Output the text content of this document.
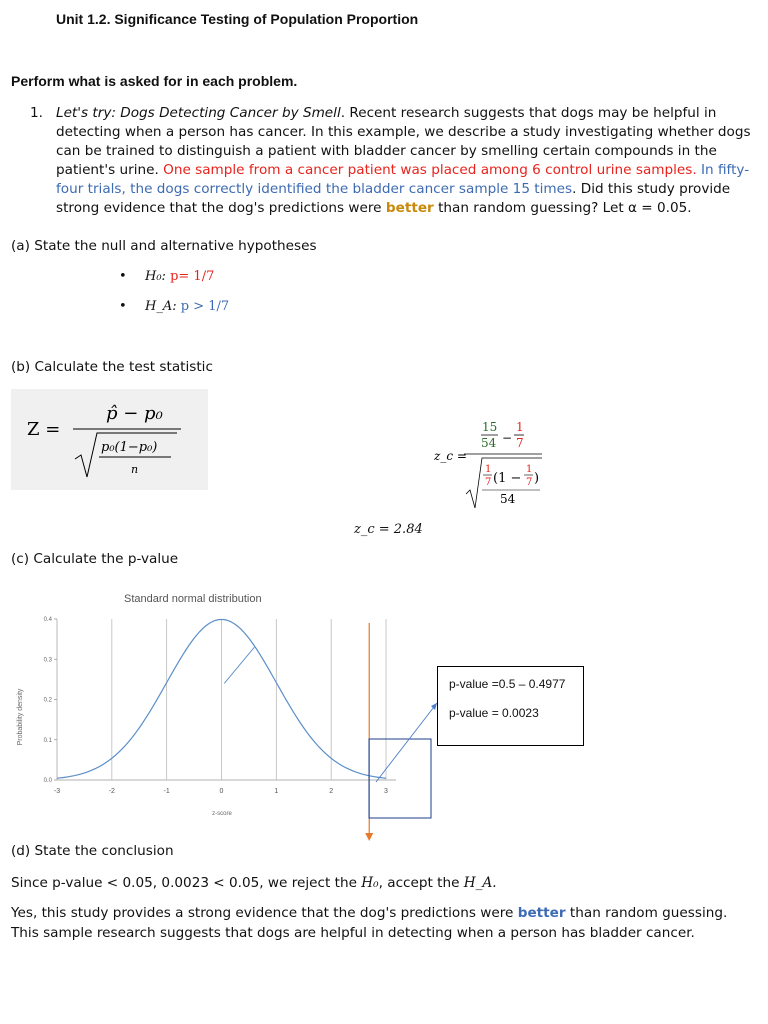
Unit 1.2. Significance Testing of Population Proportion
Perform what is asked for in each problem.
1. Let's try: Dogs Detecting Cancer by Smell. Recent research suggests that dogs may be helpful in detecting when a person has cancer. In this example, we describe a study investigating whether dogs can be trained to distinguish a patient with bladder cancer by smelling certain compounds in the patient's urine. One sample from a cancer patient was placed among 6 control urine samples. In fifty-four trials, the dogs correctly identified the bladder cancer sample 15 times. Did this study provide strong evidence that the dog's predictions were better than random guessing? Let α = 0.05.
(a) State the null and alternative hypotheses
• H₀: p= 1/7
• H_A: p > 1/7
(b) Calculate the test statistic
Z =
p̂ − p₀
p₀(1−p₀)
n
z_c =
15
54 −
1
7
1
7 (1 −
1
7 )
54
z_c = 2.84
(c) Calculate the p-value
Standard normal distribution
Probability density
z-score
-3	-2	-1	0	1	2	3
0.0
0.1
0.2
0.3
0.4
p-value =0.5 – 0.4977
p-value = 0.0023
(d) State the conclusion
Since p-value < 0.05, 0.0023 < 0.05, we reject the H₀, accept the H_A.
Yes, this study provides a strong evidence that the dog's predictions were better than random guessing. This sample research suggests that dogs are helpful in detecting when a person has bladder cancer.
